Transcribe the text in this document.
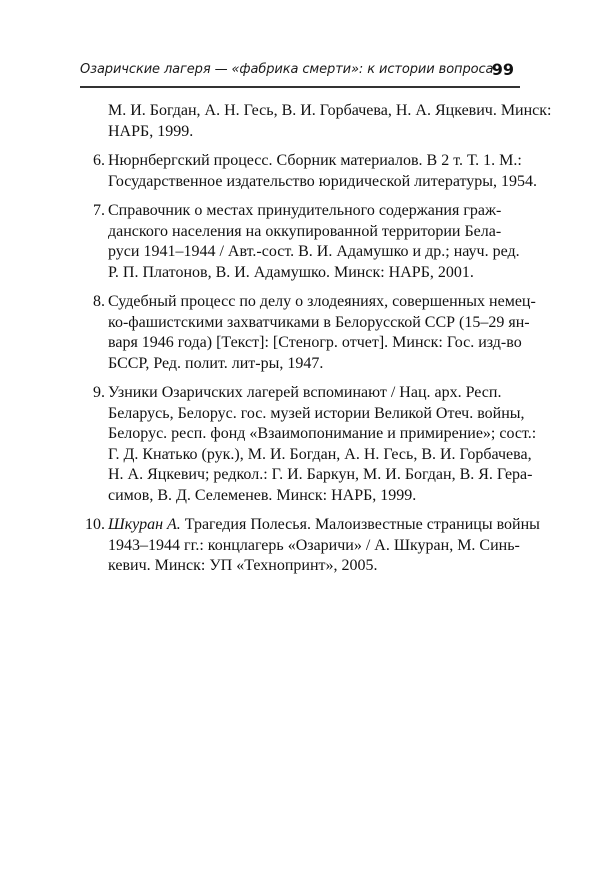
Озаричские лагеря — «фабрика смерти»: к истории вопроса
99
М. И. Богдан, А. Н. Гесь, В. И. Горбачева, Н. А. Яцкевич. Минск:
НАРБ, 1999.
6. Нюрнбергский процесс. Сборник материалов. В 2 т. Т. 1. М.:
Государственное издательство юридической литературы, 1954.
7. Справочник о местах принудительного содержания граж-
данского населения на оккупированной территории Бела-
руси 1941–1944 / Авт.-сост. В. И. Адамушко и др.; науч. ред.
Р. П. Платонов, В. И. Адамушко. Минск: НАРБ, 2001.
8. Судебный процесс по делу о злодеяниях, совершенных немец-
ко-фашистскими захватчиками в Белорусской ССР (15–29 ян-
варя 1946 года) [Текст]: [Стеногр. отчет]. Минск: Гос. изд-во
БССР, Ред. полит. лит-ры, 1947.
9. Узники Озаричских лагерей вспоминают / Нац. арх. Респ.
Беларусь, Белорус. гос. музей истории Великой Отеч. войны,
Белорус. респ. фонд «Взаимопонимание и примирение»; сост.:
Г. Д. Кнатько (рук.), М. И. Богдан, А. Н. Гесь, В. И. Горбачева,
Н. А. Яцкевич; редкол.: Г. И. Баркун, М. И. Богдан, В. Я. Гера-
симов, В. Д. Селеменев. Минск: НАРБ, 1999.
10. Шкуран А. Трагедия Полесья. Малоизвестные страницы войны
1943–1944 гг.: концлагерь «Озаричи» / А. Шкуран, М. Синь-
кевич. Минск: УП «Технопринт», 2005.
